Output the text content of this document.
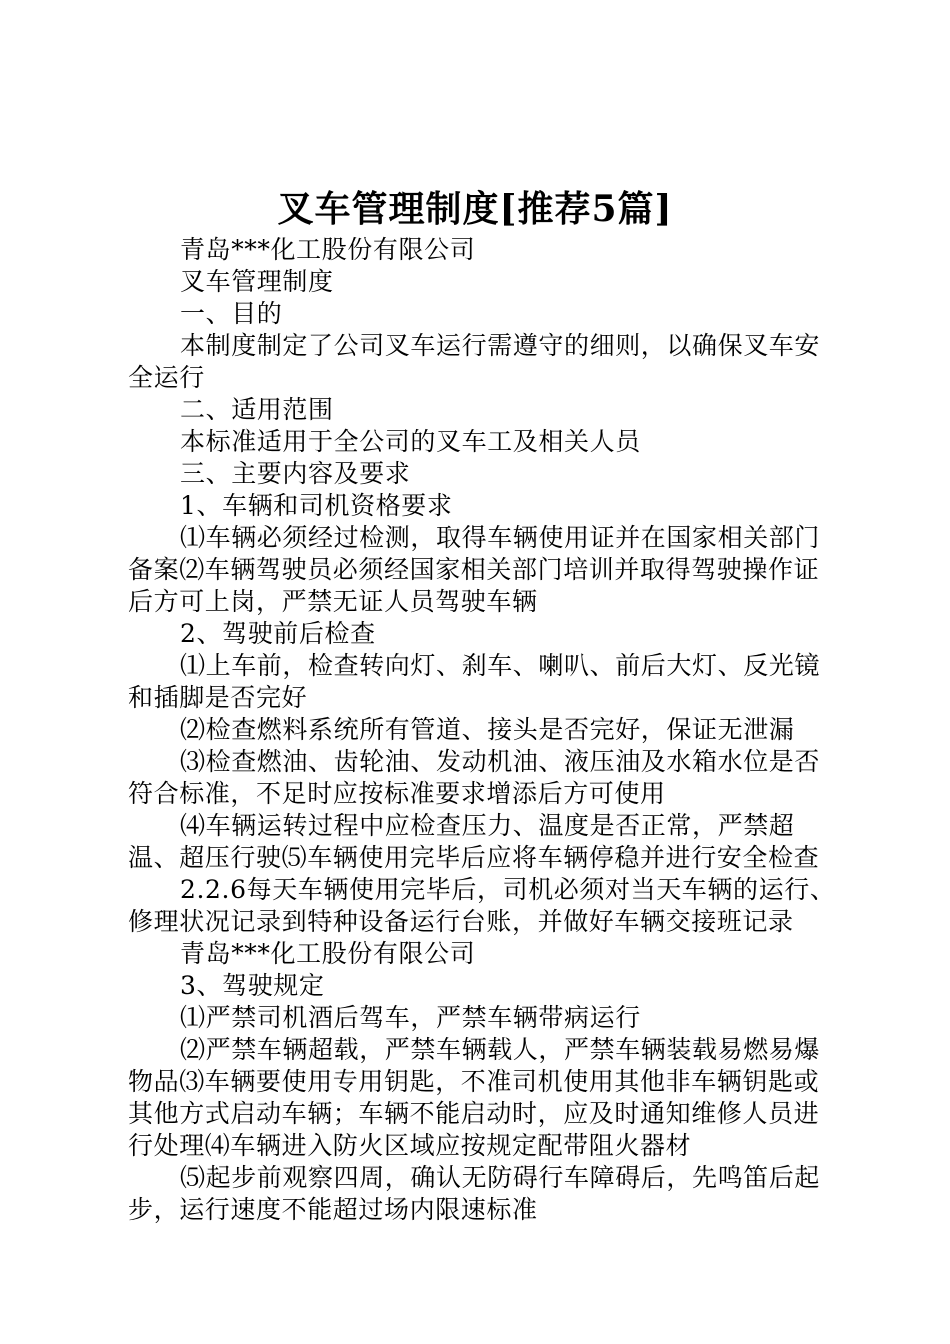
叉车管理制度[推荐5篇]

青岛***化工股份有限公司

叉车管理制度

一、目的

本制度制定了公司叉车运行需遵守的细则，以确保叉车安全运行

二、适用范围

本标准适用于全公司的叉车工及相关人员

三、主要内容及要求

1、车辆和司机资格要求

⑴车辆必须经过检测，取得车辆使用证并在国家相关部门备案⑵车辆驾驶员必须经国家相关部门培训并取得驾驶操作证后方可上岗，严禁无证人员驾驶车辆

2、驾驶前后检查

⑴上车前，检查转向灯、刹车、喇叭、前后大灯、反光镜和插脚是否完好

⑵检查燃料系统所有管道、接头是否完好，保证无泄漏

⑶检查燃油、齿轮油、发动机油、液压油及水箱水位是否符合标准，不足时应按标准要求增添后方可使用

⑷车辆运转过程中应检查压力、温度是否正常，严禁超温、超压行驶⑸车辆使用完毕后应将车辆停稳并进行安全检查

2.2.6每天车辆使用完毕后，司机必须对当天车辆的运行、修理状况记录到特种设备运行台账，并做好车辆交接班记录

青岛***化工股份有限公司

3、驾驶规定

⑴严禁司机酒后驾车，严禁车辆带病运行

⑵严禁车辆超载，严禁车辆载人，严禁车辆装载易燃易爆物品⑶车辆要使用专用钥匙，不准司机使用其他非车辆钥匙或其他方式启动车辆；车辆不能启动时，应及时通知维修人员进行处理⑷车辆进入防火区域应按规定配带阻火器材

⑸起步前观察四周，确认无防碍行车障碍后，先鸣笛后起步，运行速度不能超过场内限速标准
